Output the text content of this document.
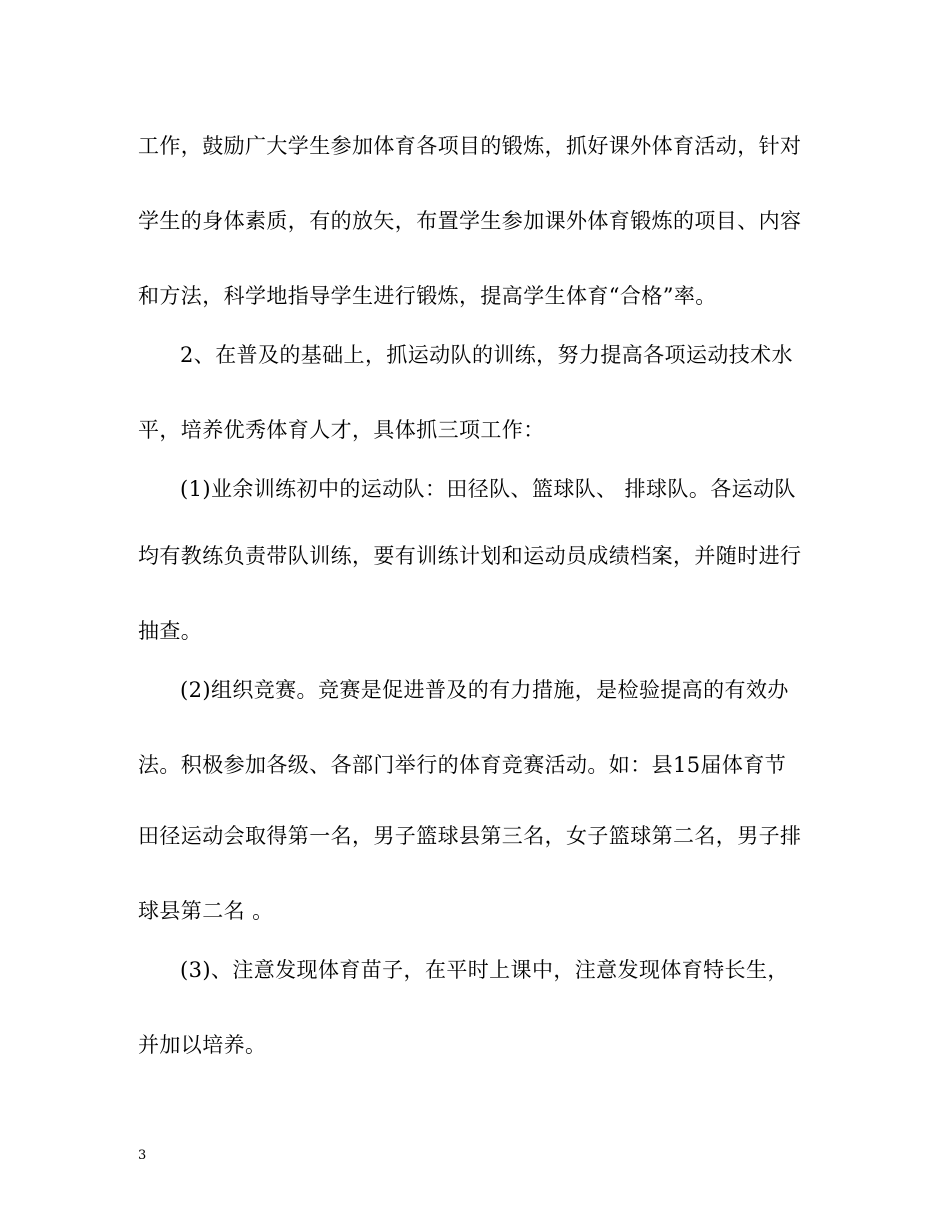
工作，鼓励广大学生参加体育各项目的锻炼，抓好课外体育活动，针对
学生的身体素质，有的放矢，布置学生参加课外体育锻炼的项目、内容
和方法，科学地指导学生进行锻炼，提高学生体育“合格”率。
2、在普及的基础上，抓运动队的训练，努力提高各项运动技术水
平，培养优秀体育人才，具体抓三项工作：
(1)业余训练初中的运动队：田径队、篮球队、 排球队。各运动队
均有教练负责带队训练，要有训练计划和运动员成绩档案，并随时进行
抽查。
(2)组织竞赛。竞赛是促进普及的有力措施，是检验提高的有效办
法。积极参加各级、各部门举行的体育竞赛活动。如：县15届体育节
田径运动会取得第一名，男子篮球县第三名，女子篮球第二名，男子排
球县第二名 。
(3)、注意发现体育苗子，在平时上课中，注意发现体育特长生，
并加以培养。
3
